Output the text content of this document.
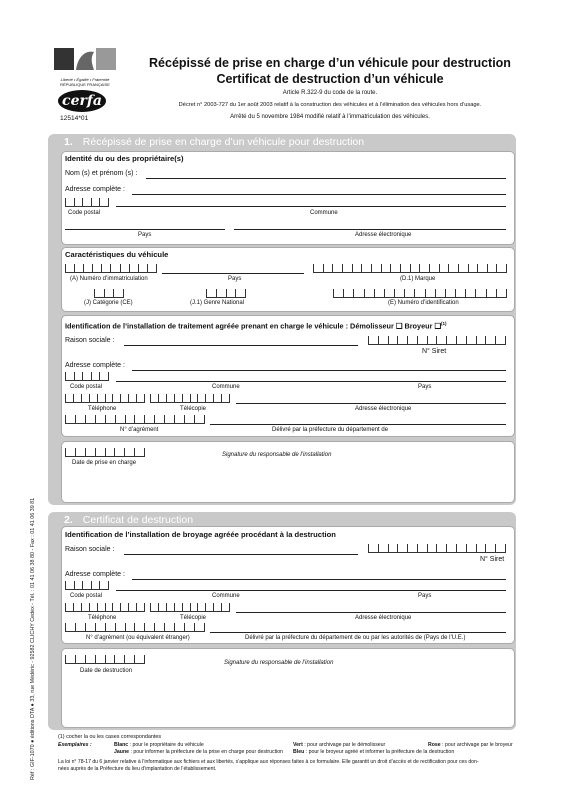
Liberté • Égalité • Fraternité
RÉPUBLIQUE FRANÇAISE
cerfa
12514*01
Récépissé de prise en charge d’un véhicule pour destruction
Certificat de destruction d’un véhicule
Article R.322-9 du code de la route.
Décret n° 2003-727 du 1er août 2003 relatif à la construction des véhicules et à l’élimination des véhicules hors d’usage.
Arrêté du 5 novembre 1984 modifié relatif à l’immatriculation des véhicules.
Réf : GIF-1070 ● éditions DTA ● 33, rue Médéric - 92582 CLICHY Cedex - Tél. : 01 41 06 38 80 - Fax : 01 41 06 39 81
1. Récépissé de prise en charge d’un véhicule pour destruction
Identité du ou des propriétaire(s)
Nom (s) et prénom (s) :
Adresse complète :
Code postal	Commune
Pays	Adresse électronique
Caractéristiques du véhicule
(A) Numéro d’immatriculation	Pays	(D.1) Marque
(J) Catégorie (CE)	(J.1) Genre National	(E) Numéro d’identification
Identification de l’installation de traitement agréée prenant en charge le véhicule : Démolisseur ❑ Broyeur ❑$^{(1)}$
Raison sociale :
N° Siret
Adresse complète :
Code postal	Commune	Pays
Téléphone	Télécopie	Adresse électronique
N° d’agrément	Délivré par la préfecture du département de
Date de prise en charge
Signature du responsable de l’installation
2. Certificat de destruction
Identification de l’installation de broyage agréée procédant à la destruction
Raison sociale :
N° Siret
Adresse complète :
Code postal	Commune	Pays
Téléphone	Télécopie	Adresse électronique
N° d’agrément (ou équivalent étranger)	Délivré par la préfecture du département de ou par les autorités de (Pays de l’U.E.)
Date de destruction
Signature du responsable de l’installation
(1) cocher la ou les cases correspondantes
Exemplaires :	Blanc : pour le propriétaire du véhicule	Vert : pour archivage par le démolisseur	Rose : pour archivage par le broyeur
Jaune : pour informer la préfecture de la prise en charge pour destruction Bleu : pour le broyeur agréé et informer la préfecture de la destruction
La loi n° 78-17 du 6 janvier relative à l’informatique aux fichiers et aux libertés, s’applique aux réponses faites à ce formulaire. Elle garantit un droit d’accès et de rectification pour ces don-
nées auprès de la Préfecture du lieu d’implantation de l’établissement.
